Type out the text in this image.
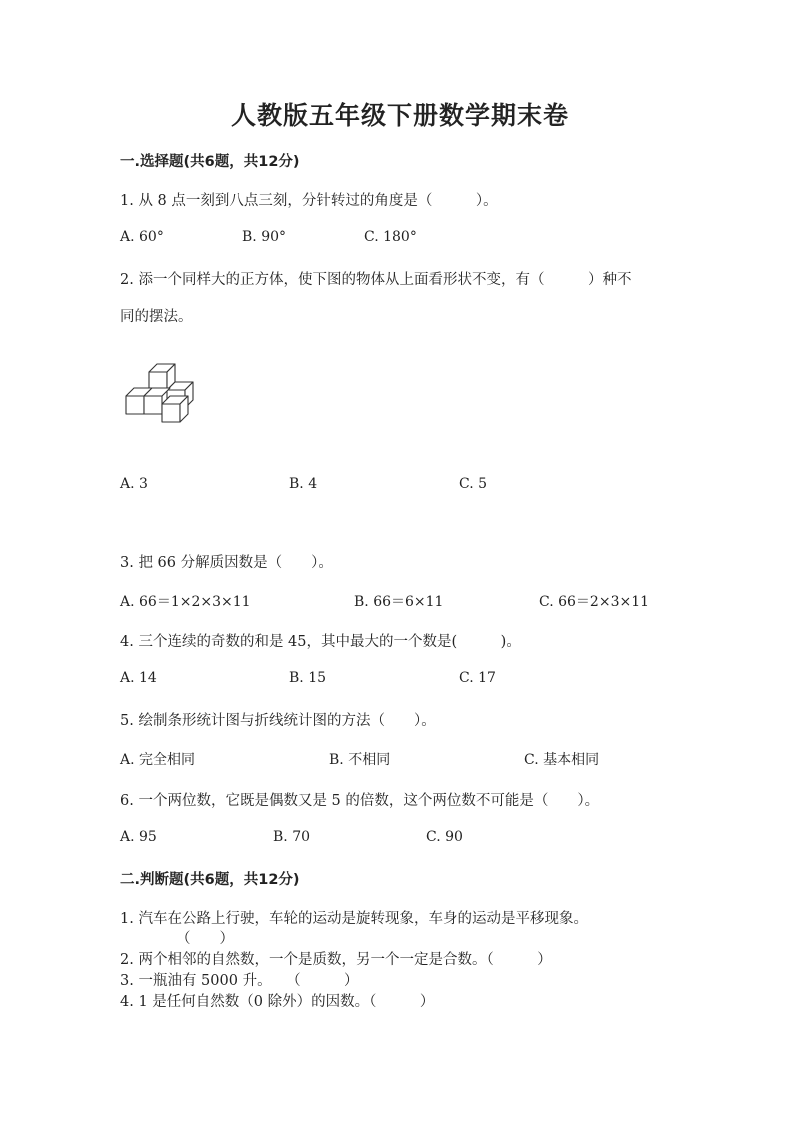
人教版五年级下册数学期末卷
一.选择题(共6题，共12分)
1. 从 8 点一刻到八点三刻，分针转过的角度是（　　　）。
A. 60°	B. 90°	C. 180°
2. 添一个同样大的正方体，使下图的物体从上面看形状不变，有（　　　）种不
同的摆法。
A. 3	B. 4	C. 5
3. 把 66 分解质因数是（　　）。
A. 66＝1×2×3×11	B. 66＝6×11	C. 66＝2×3×11
4. 三个连续的奇数的和是 45，其中最大的一个数是(　　　)。
A. 14	B. 15	C. 17
5. 绘制条形统计图与折线统计图的方法（　　）。
A. 完全相同	B. 不相同	C. 基本相同
6. 一个两位数，它既是偶数又是 5 的倍数，这个两位数不可能是（　　）。
A. 95	B. 70	C. 90
二.判断题(共6题，共12分)
1. 汽车在公路上行驶，车轮的运动是旋转现象，车身的运动是平移现象。
（　　）
2. 两个相邻的自然数，一个是质数，另一个一定是合数。（　　　）
3. 一瓶油有 5000 升。　　（　　　）
4. 1 是任何自然数（0 除外）的因数。（　　　）
